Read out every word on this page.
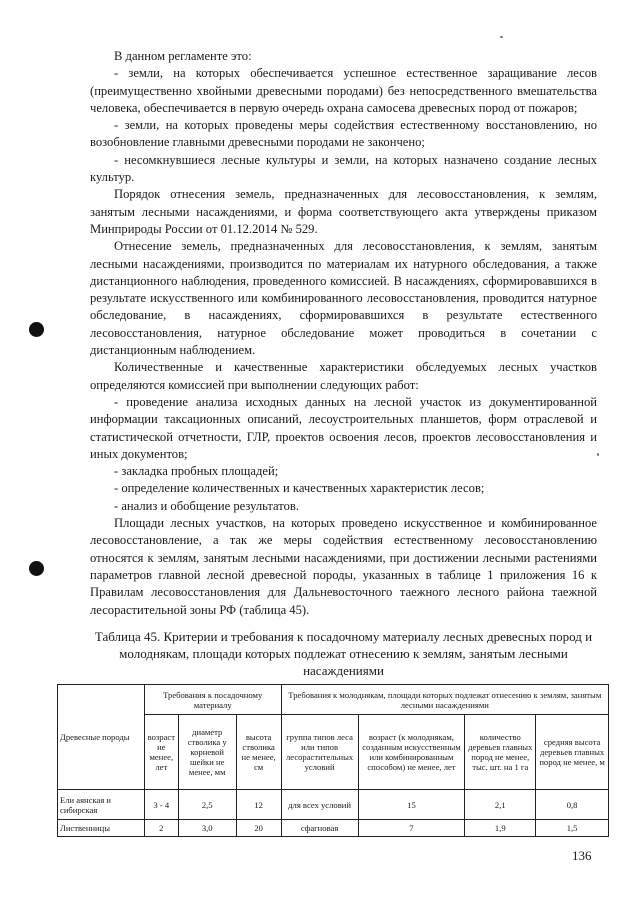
В данном регламенте это:

- земли, на которых обеспечивается успешное естественное заращивание лесов (преимущественно хвойными древесными породами) без непосредственного вмешательства человека, обеспечивается в первую очередь охрана самосева древесных пород от пожаров;

- земли, на которых проведены меры содействия естественному восстановлению, но возобновление главными древесными породами не закончено;

- несомкнувшиеся лесные культуры и земли, на которых назначено создание лесных культур.

Порядок отнесения земель, предназначенных для лесовосстановления, к землям, занятым лесными насаждениями, и форма соответствующего акта утверждены приказом Минприроды России от 01.12.2014 № 529.

Отнесение земель, предназначенных для лесовосстановления, к землям, занятым лесными насаждениями, производится по материалам их натурного обследования, а также дистанционного наблюдения, проведенного комиссией. В насаждениях, сформировавшихся в результате искусственного или комбинированного лесовосстановления, проводится натурное обследование, в насаждениях, сформировавшихся в результате естественного лесовосстановления, натурное обследование может проводиться в сочетании с дистанционным наблюдением.

Количественные и качественные характеристики обследуемых лесных участков определяются комиссией при выполнении следующих работ:

- проведение анализа исходных данных на лесной участок из документированной информации таксационных описаний, лесоустроительных планшетов, форм отраслевой и статистической отчетности, ГЛР, проектов освоения лесов, проектов лесовосстановления и иных документов;

- закладка пробных площадей;

- определение количественных и качественных характеристик лесов;

- анализ и обобщение результатов.

Площади лесных участков, на которых проведено искусственное и комбинированное лесовосстановление, а так же меры содействия естественному лесовосстановлению относятся к землям, занятым лесными насаждениями, при достижении лесными растениями параметров главной лесной древесной породы, указанных в таблице 1 приложения 16 к Правилам лесовосстановления для Дальневосточного таежного лесного района таежной лесорастительной зоны РФ (таблица 45).

Таблица 45. Критерии и требования к посадочному материалу лесных древесных пород и молоднякам, площади которых подлежат отнесению к землям, занятым лесными насаждениями
Древесные породы	Требования к посадочному материалу			Требования к молоднякам, площади которых подлежат отнесению к землям, занятым лесными насаждениями			
	возраст не менее, лет	диаметр стволика у корневой шейки не менее, мм	высота стволика не менее, см	группа типов леса или типов лесорастительных условий	возраст (к молоднякам, созданным искусственным или комбинированным способом) не менее, лет	количество деревьев главных пород не менее, тыс. шт. на 1 га	средняя высота деревьев главных пород не менее, м
Ели аянская и сибирская	3 - 4	2,5	12	для всех условий	15	2,1	0,8
Лиственницы	2	3,0	20	сфагновая	7	1,9	1,5
136
